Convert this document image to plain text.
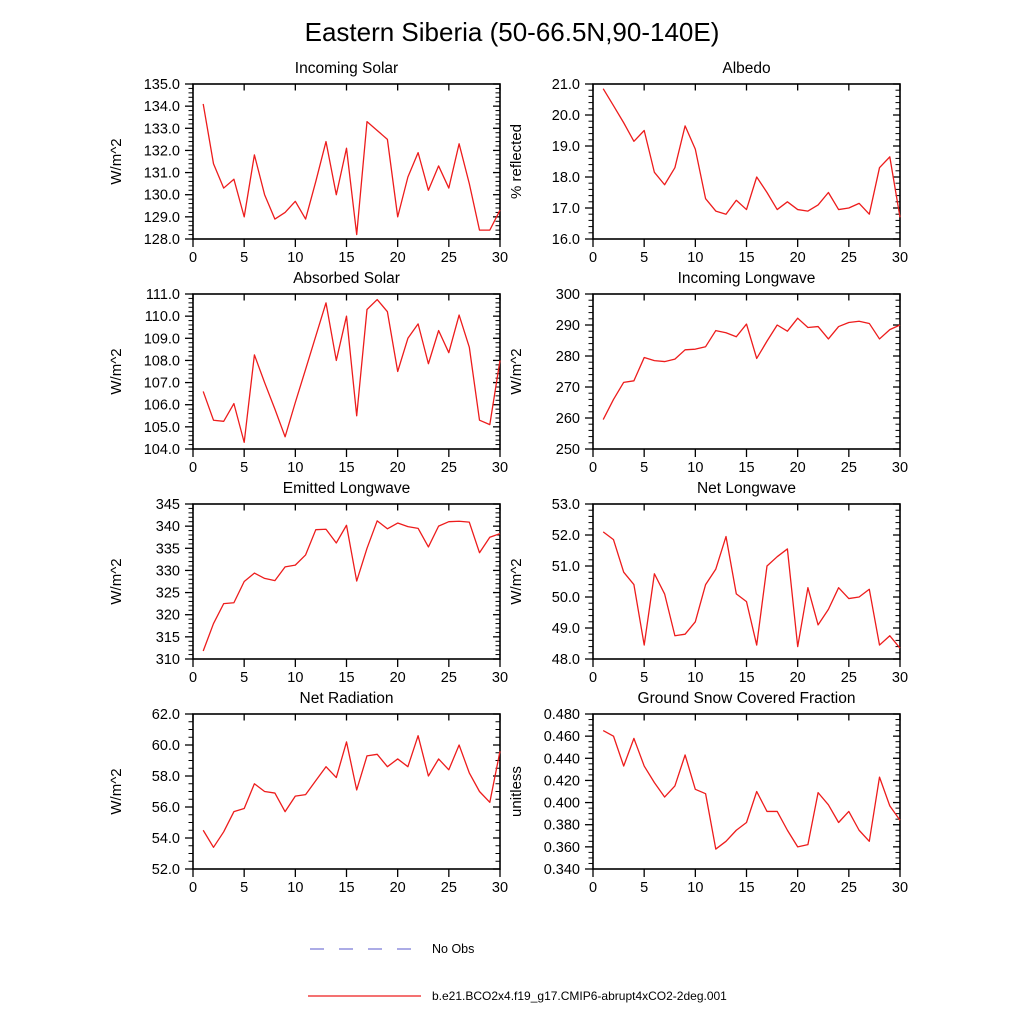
Eastern Siberia (50-66.5N,90-140E)
Incoming Solar
W/m^2
0	5	10 15 20 25 30
128.0
129.0
130.0
131.0
132.0
133.0
134.0
135.0
Albedo
% reflected
0	5	10 15 20 25 30
16.0
17.0
18.0
19.0
20.0
21.0
Absorbed Solar
W/m^2
0	5	10 15 20 25 30
104.0
105.0
106.0
107.0
108.0
109.0
110.0
111.0
Incoming Longwave
W/m^2
0	5	10 15 20 25 30
250
260
270
280
290
300
Emitted Longwave
W/m^2
0	5	10 15 20 25 30
310
315
320
325
330
335
340
345
Net Longwave
W/m^2
0	5	10 15 20 25 30
48.0
49.0
50.0
51.0
52.0
53.0
Net Radiation
W/m^2
0	5	10 15 20 25 30
52.0
54.0
56.0
58.0
60.0
62.0
Ground Snow Covered Fraction
unitless
0	5	10 15 20 25 30
0.340
0.360
0.380
0.400
0.420
0.440
0.460
0.480
No Obs
b.e21.BCO2x4.f19_g17.CMIP6-abrupt4xCO2-2deg.001
